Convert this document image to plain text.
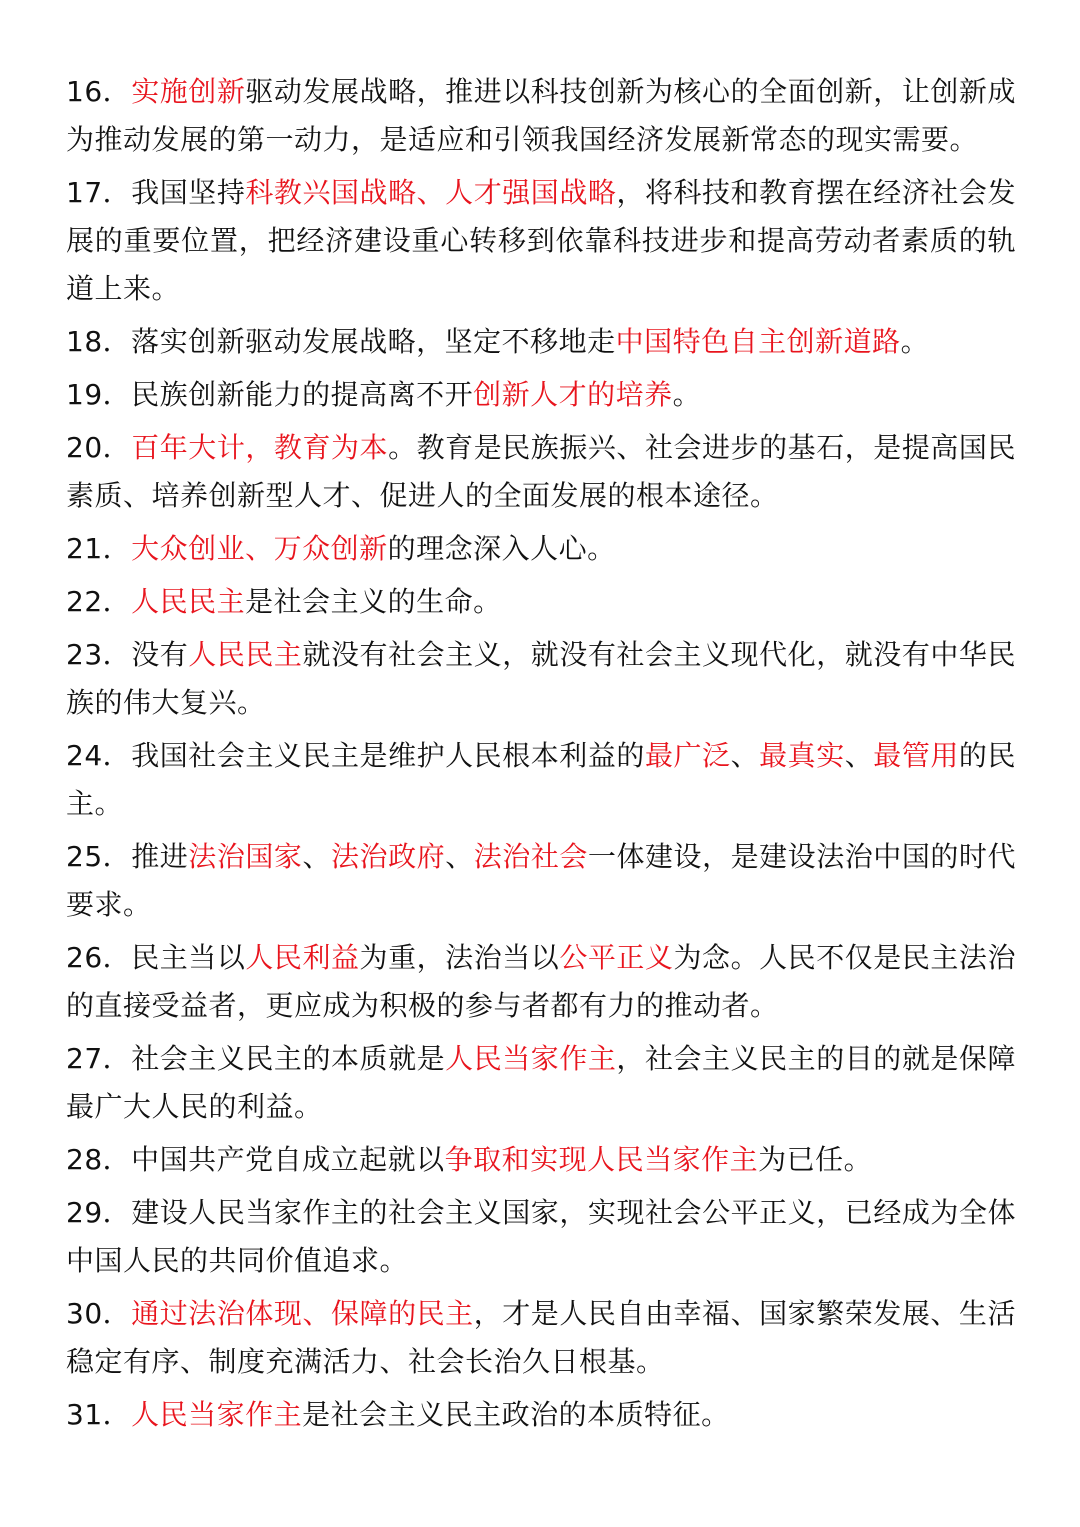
16．实施创新驱动发展战略，推进以科技创新为核心的全面创新，让创新成为推动发展的第一动力，是适应和引领我国经济发展新常态的现实需要。

17．我国坚持科教兴国战略、人才强国战略，将科技和教育摆在经济社会发展的重要位置，把经济建设重心转移到依靠科技进步和提高劳动者素质的轨道上来。

18．落实创新驱动发展战略，坚定不移地走中国特色自主创新道路。

19．民族创新能力的提高离不开创新人才的培养。

20．百年大计，教育为本。教育是民族振兴、社会进步的基石，是提高国民素质、培养创新型人才、促进人的全面发展的根本途径。

21．大众创业、万众创新的理念深入人心。

22．人民民主是社会主义的生命。

23．没有人民民主就没有社会主义，就没有社会主义现代化，就没有中华民族的伟大复兴。

24．我国社会主义民主是维护人民根本利益的最广泛、最真实、最管用的民主。

25．推进法治国家、法治政府、法治社会一体建设，是建设法治中国的时代要求。

26．民主当以人民利益为重，法治当以公平正义为念。人民不仅是民主法治的直接受益者，更应成为积极的参与者都有力的推动者。

27．社会主义民主的本质就是人民当家作主，社会主义民主的目的就是保障最广大人民的利益。

28．中国共产党自成立起就以争取和实现人民当家作主为已任。

29．建设人民当家作主的社会主义国家，实现社会公平正义，已经成为全体中国人民的共同价值追求。

30．通过法治体现、保障的民主，才是人民自由幸福、国家繁荣发展、生活稳定有序、制度充满活力、社会长治久日根基。

31．人民当家作主是社会主义民主政治的本质特征。
